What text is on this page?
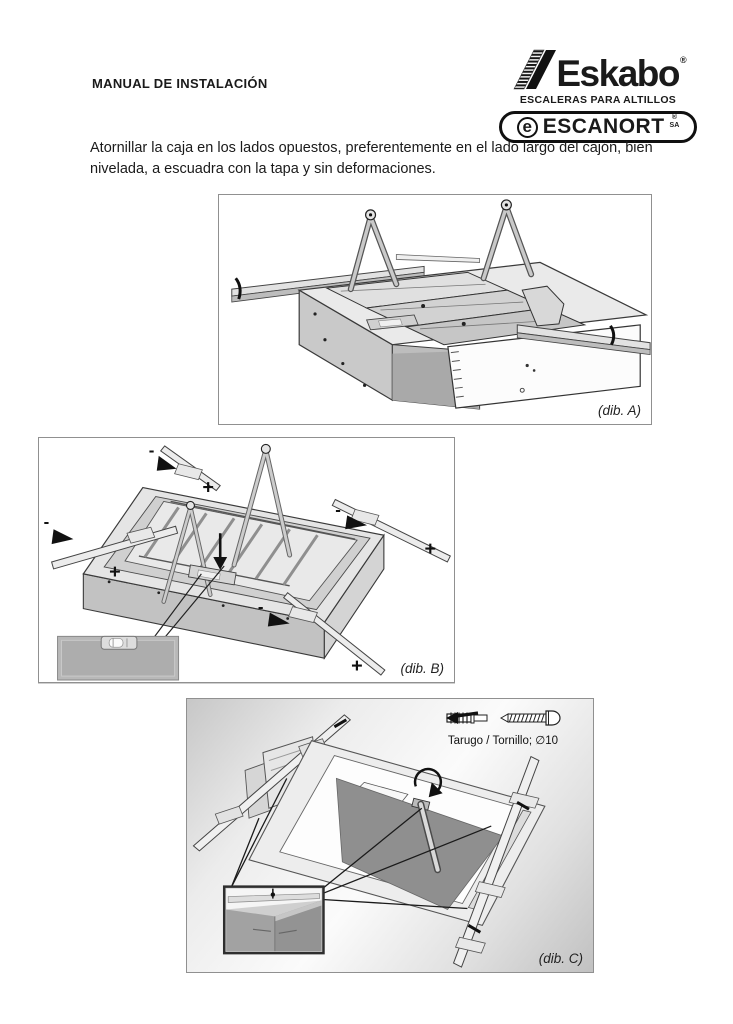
MANUAL DE INSTALACIÓN	Eskabo ®
ESCALERAS PARA ALTILLOS
e ESCANORT ®
SA

Atornillar la caja en los lados opuestos, preferentemente en el lado largo del cajón, bien nivelada, a escuadra con la tapa y sin deformaciones.

(dib. A)
-
+
-
+
-
+
-
+	(dib. B)
Tarugo / Tornillo; ∅10
(dib. C)
